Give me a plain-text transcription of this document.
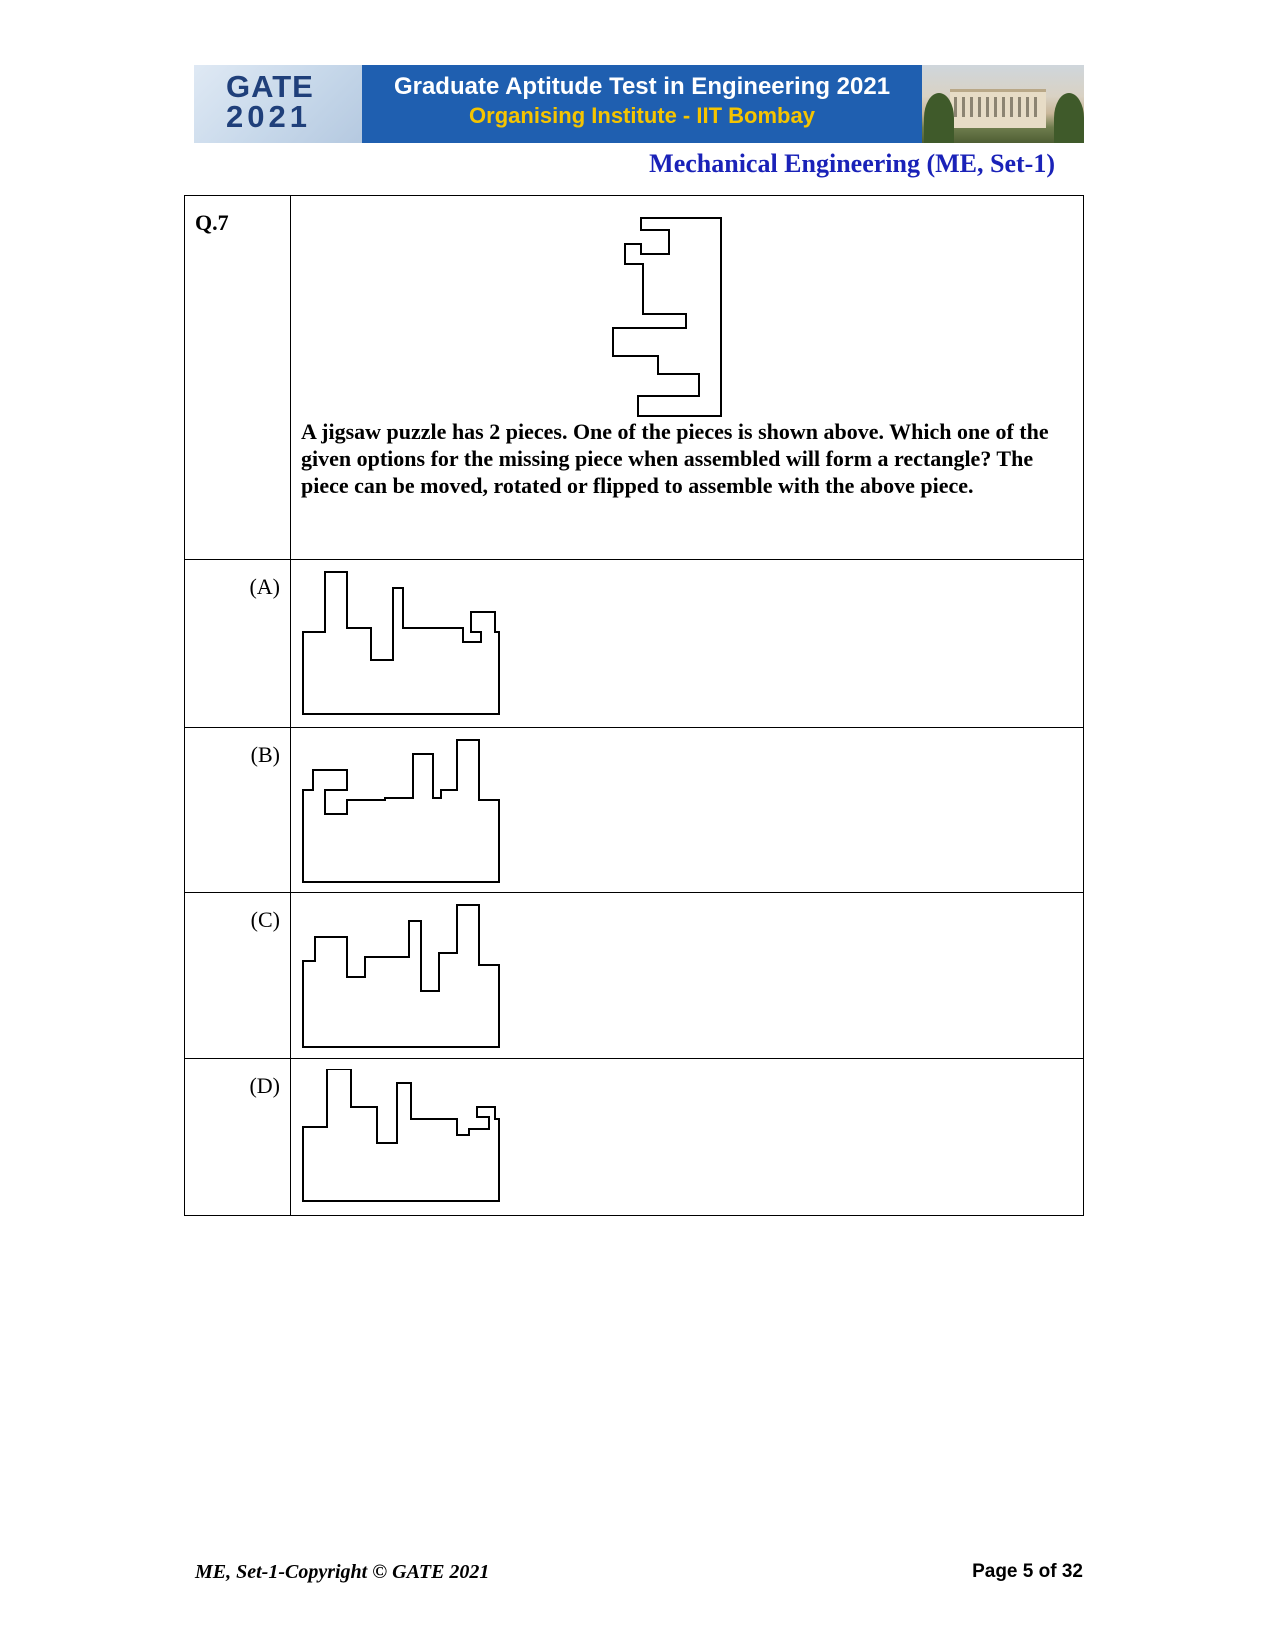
GATE
2021
Graduate Aptitude Test in Engineering 2021
Organising Institute - IIT Bombay
Mechanical Engineering (ME, Set-1)
Q.7	A jigsaw puzzle has 2 pieces. One of the pieces is shown above. Which one of the given options for the missing piece when assembled will form a rectangle? The piece can be moved, rotated or flipped to assemble with the above piece.

(A)

(B)

(C)

(D)

ME, Set-1-Copyright © GATE 2021	Page 5 of 32
